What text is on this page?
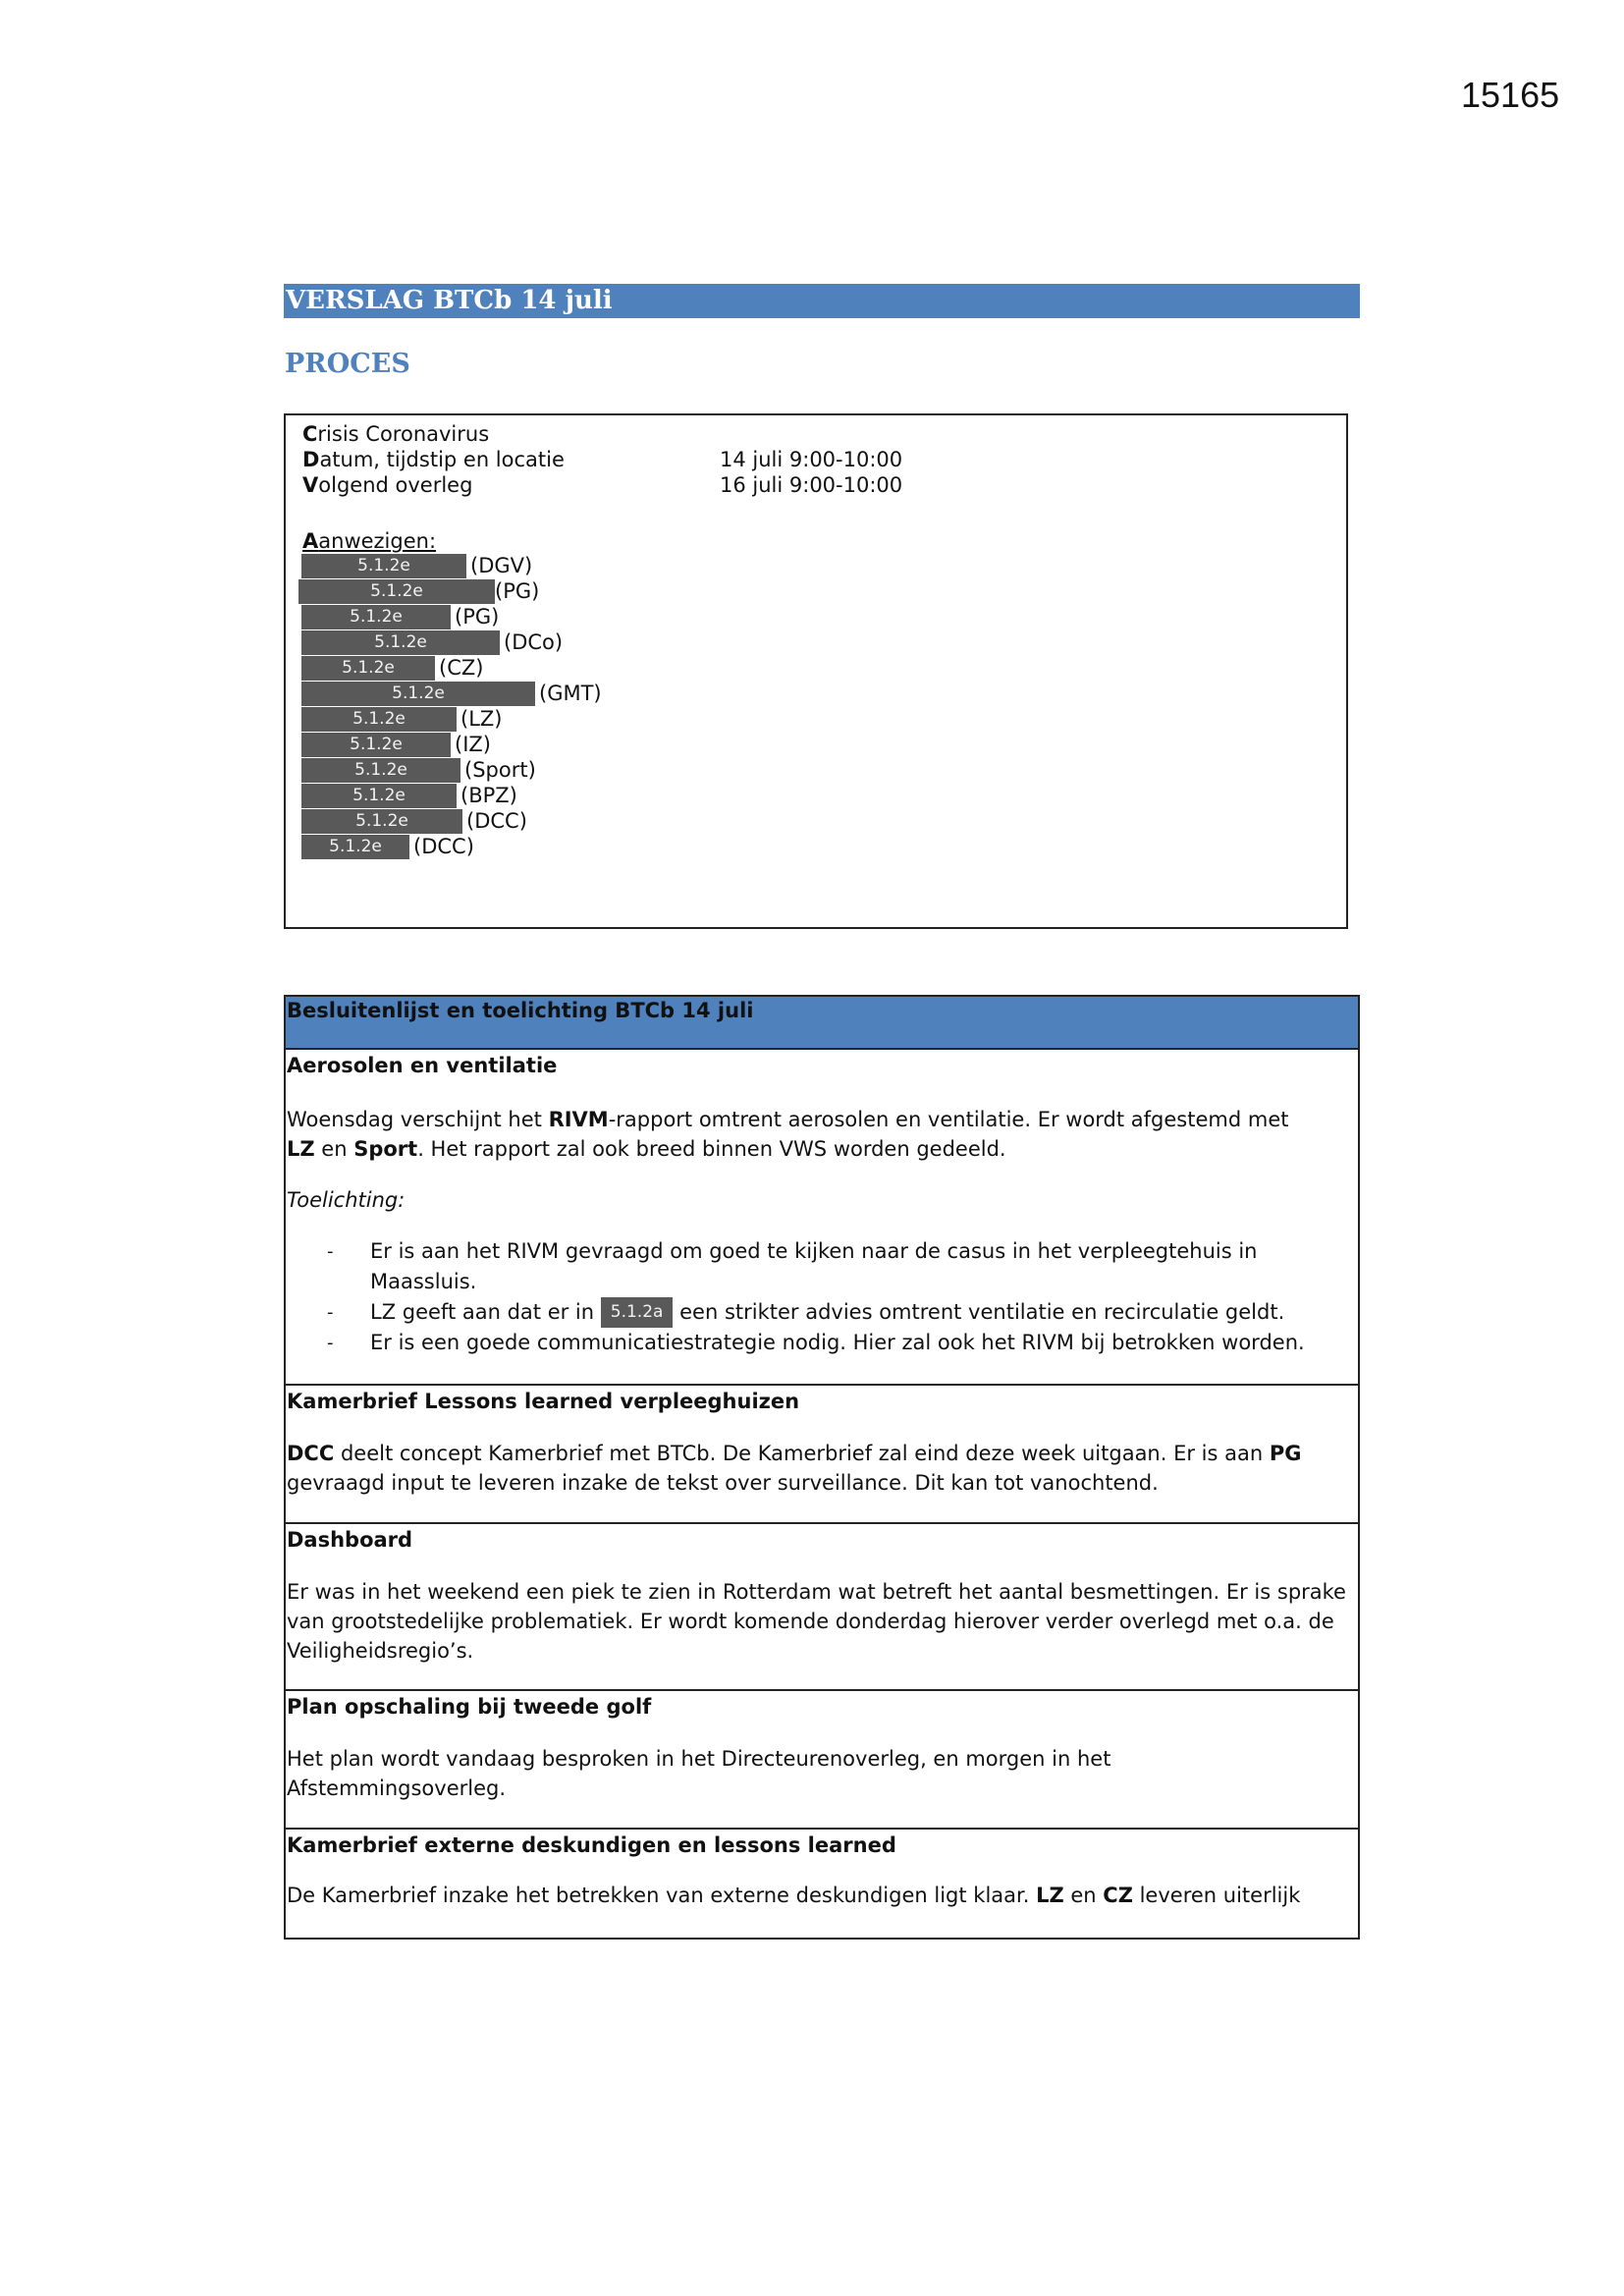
15165
VERSLAG BTCb 14 juli
PROCES
Crisis Coronavirus
Datum, tijdstip en locatie	14 juli 9:00-10:00
Volgend overleg	16 juli 9:00-10:00
Aanwezigen:
5.1.2e	(DGV)
5.1.2e	(PG)
5.1.2e	(PG)
5.1.2e	(DCo)
5.1.2e (CZ)
5.1.2e	(GMT)
5.1.2e	(LZ)
5.1.2e	(IZ)
5.1.2e	(Sport)
5.1.2e	(BPZ)
5.1.2e	(DCC)
5.1.2e (DCC)
Besluitenlijst en toelichting BTCb 14 juli
Aerosolen en ventilatie
Woensdag verschijnt het RIVM-rapport omtrent aerosolen en ventilatie. Er wordt afgestemd met
LZ en Sport. Het rapport zal ook breed binnen VWS worden gedeeld.
Toelichting:
- Er is aan het RIVM gevraagd om goed te kijken naar de casus in het verpleegtehuis in Maassluis.
- LZ geeft aan dat er in 5.1.2a een strikter advies omtrent ventilatie en recirculatie geldt.
- Er is een goede communicatiestrategie nodig. Hier zal ook het RIVM bij betrokken worden.
Kamerbrief Lessons learned verpleeghuizen
DCC deelt concept Kamerbrief met BTCb. De Kamerbrief zal eind deze week uitgaan. Er is aan PG
gevraagd input te leveren inzake de tekst over surveillance. Dit kan tot vanochtend.
Dashboard
Er was in het weekend een piek te zien in Rotterdam wat betreft het aantal besmettingen. Er is sprake van grootstedelijke problematiek. Er wordt komende donderdag hierover verder overlegd met o.a. de Veiligheidsregio’s.
Plan opschaling bij tweede golf
Het plan wordt vandaag besproken in het Directeurenoverleg, en morgen in het Afstemmingsoverleg.
Kamerbrief externe deskundigen en lessons learned
De Kamerbrief inzake het betrekken van externe deskundigen ligt klaar. LZ en CZ leveren uiterlijk
